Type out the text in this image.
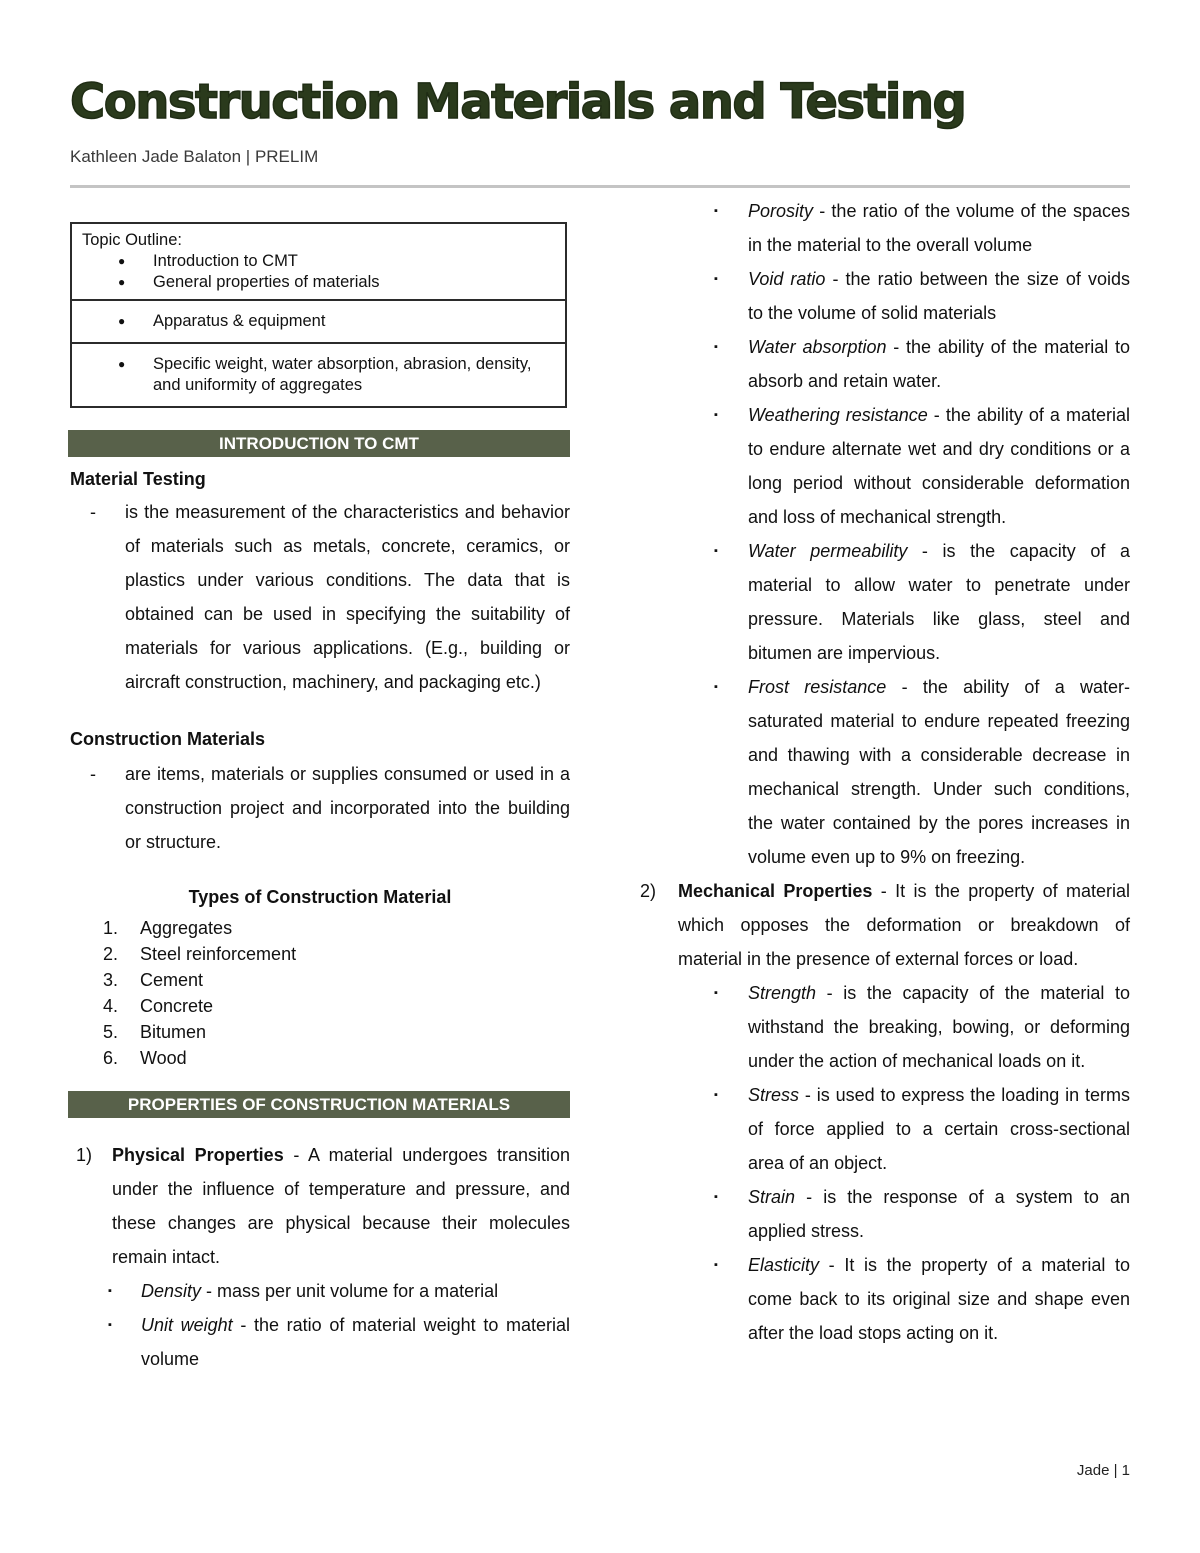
Construction Materials and Testing
Kathleen Jade Balaton | PRELIM
Topic Outline:
● Introduction to CMT
● General properties of materials
● Apparatus & equipment
● Specific weight, water absorption, abrasion, density, and uniformity of aggregates
INTRODUCTION TO CMT

Material Testing

- is the measurement of the characteristics and behavior of materials such as metals, concrete, ceramics, or plastics under various conditions. The data that is obtained can be used in specifying the suitability of materials for various applications. (E.g., building or aircraft construction, machinery, and packaging etc.)

Construction Materials

- are items, materials or supplies consumed or used in a construction project and incorporated into the building or structure.

Types of Construction Material

1. Aggregates
2. Steel reinforcement
3. Cement
4. Concrete
5. Bitumen
6. Wood
PROPERTIES OF CONSTRUCTION MATERIALS
1) Physical Properties - A material undergoes transition under the influence of temperature and pressure, and these changes are physical because their molecules remain intact.
▪ Density - mass per unit volume for a material
▪ Unit weight - the ratio of material weight to material volume
▪ Porosity - the ratio of the volume of the spaces in the material to the overall volume
▪ Void ratio - the ratio between the size of voids to the volume of solid materials
▪ Water absorption - the ability of the material to absorb and retain water.
▪ Weathering resistance - the ability of a material to endure alternate wet and dry conditions or a long period without considerable deformation and loss of mechanical strength.
▪ Water permeability - is the capacity of a material to allow water to penetrate under pressure. Materials like glass, steel and bitumen are impervious.
▪ Frost resistance - the ability of a water-saturated material to endure repeated freezing and thawing with a considerable decrease in mechanical strength. Under such conditions, the water contained by the pores increases in volume even up to 9% on freezing.
2) Mechanical Properties - It is the property of material which opposes the deformation or breakdown of material in the presence of external forces or load.
▪ Strength - is the capacity of the material to withstand the breaking, bowing, or deforming under the action of mechanical loads on it.
▪ Stress - is used to express the loading in terms of force applied to a certain cross-sectional area of an object.
▪ Strain - is the response of a system to an applied stress.
▪ Elasticity - It is the property of a material to come back to its original size and shape even after the load stops acting on it.
Jade | 1
